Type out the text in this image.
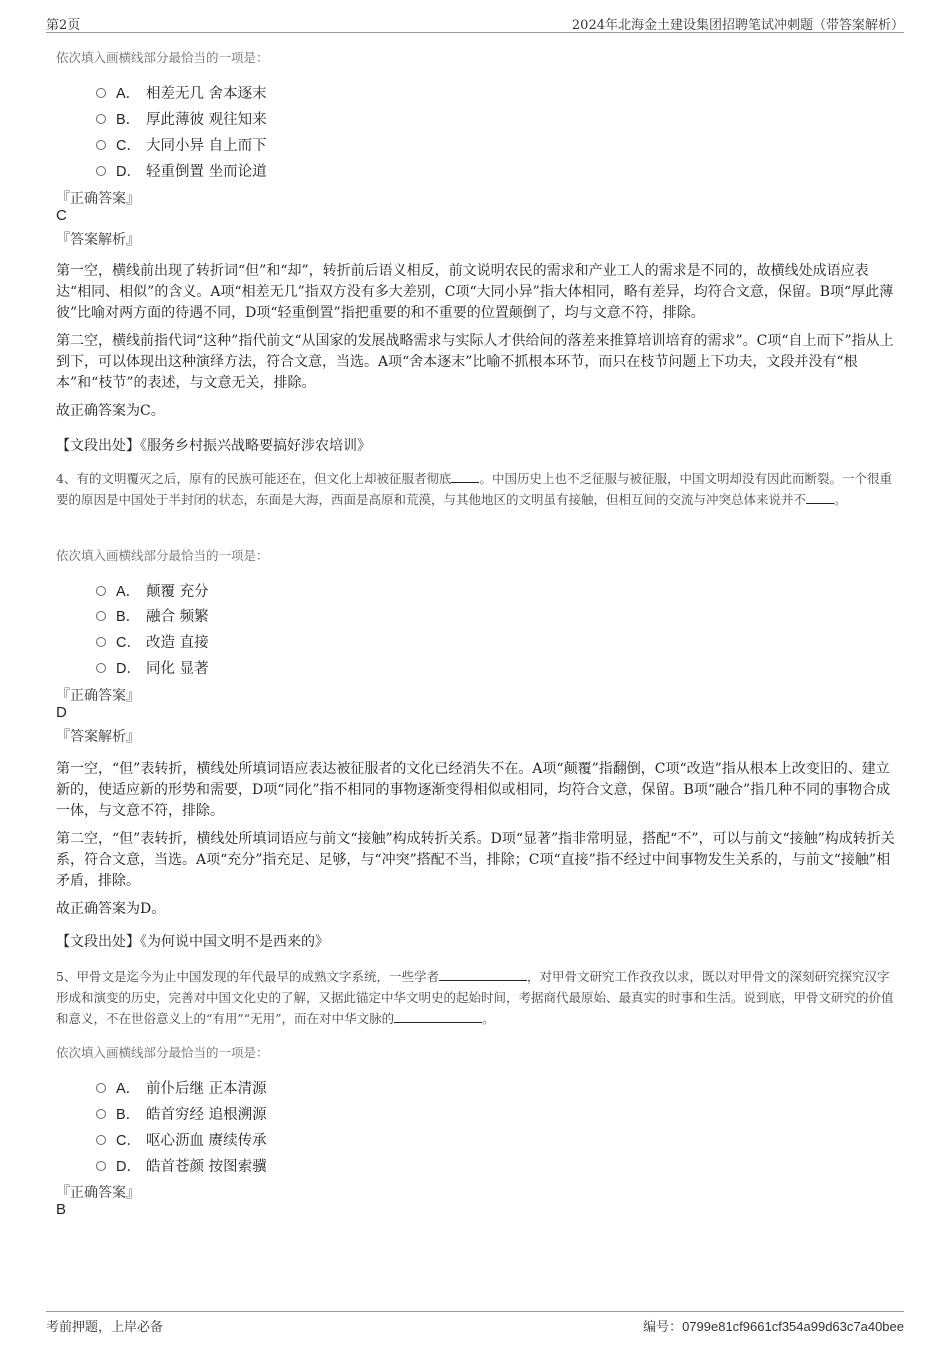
第2页	2024年北海金土建设集团招聘笔试冲刺题（带答案解析）
依次填入画横线部分最恰当的一项是：
A． 相差无几 舍本逐末
B． 厚此薄彼 观往知来
C． 大同小异 自上而下
D． 轻重倒置 坐而论道
『正确答案』
C
『答案解析』
第一空，横线前出现了转折词“但”和“却”，转折前后语义相反，前文说明农民的需求和产业工人的需求是不同的，故横线处成语应表达“相同、相似”的含义。A项“相差无几”指双方没有多大差别，C项“大同小异”指大体相同，略有差异，均符合文意，保留。B项“厚此薄彼”比喻对两方面的待遇不同，D项“轻重倒置”指把重要的和不重要的位置颠倒了，均与文意不符，排除。
第二空，横线前指代词“这种”指代前文“从国家的发展战略需求与实际人才供给间的落差来推算培训培育的需求”。C项“自上而下”指从上到下，可以体现出这种演绎方法，符合文意，当选。A项“舍本逐末”比喻不抓根本环节，而只在枝节问题上下功夫，文段并没有“根本”和“枝节”的表述，与文意无关，排除。
故正确答案为C。
【文段出处】《服务乡村振兴战略要搞好涉农培训》
4、有的文明覆灭之后，原有的民族可能还在，但文化上却被征服者彻底 。中国历史上也不乏征服与被征服，中国文明却没有因此而断裂。一个很重要的原因是中国处于半封闭的状态，东面是大海，西面是高原和荒漠，与其他地区的文明虽有接触，但相互间的交流与冲突总体来说并不 。
依次填入画横线部分最恰当的一项是：
A． 颠覆 充分
B． 融合 频繁
C． 改造 直接
D． 同化 显著
『正确答案』
D
『答案解析』
第一空，“但”表转折，横线处所填词语应表达被征服者的文化已经消失不在。A项“颠覆”指翻倒，C项“改造”指从根本上改变旧的、建立新的，使适应新的形势和需要，D项“同化”指不相同的事物逐渐变得相似或相同，均符合文意，保留。B项“融合”指几种不同的事物合成一体，与文意不符，排除。
第二空，“但”表转折，横线处所填词语应与前文“接触”构成转折关系。D项“显著”指非常明显，搭配“不”，可以与前文“接触”构成转折关系，符合文意，当选。A项“充分”指充足、足够，与“冲突”搭配不当，排除；C项“直接”指不经过中间事物发生关系的，与前文“接触”相矛盾，排除。
故正确答案为D。
【文段出处】《为何说中国文明不是西来的》
5、甲骨文是迄今为止中国发现的年代最早的成熟文字系统，一些学者	，对甲骨文研究工作孜孜以求，既以对甲骨文的深刻研究探究汉字形成和演变的历史，完善对中国文化史的了解，又据此锚定中华文明史的起始时间，考据商代最原始、最真实的时事和生活。说到底，甲骨文研究的价值和意义，不在世俗意义上的“有用”“无用”，而在对中华文脉的	。
依次填入画横线部分最恰当的一项是：
A． 前仆后继 正本清源
B． 皓首穷经 追根溯源
C． 呕心沥血 赓续传承
D． 皓首苍颜 按图索骥
『正确答案』
B
考前押题，上岸必备	编号：0799e81cf9661cf354a99d63c7a40bee
